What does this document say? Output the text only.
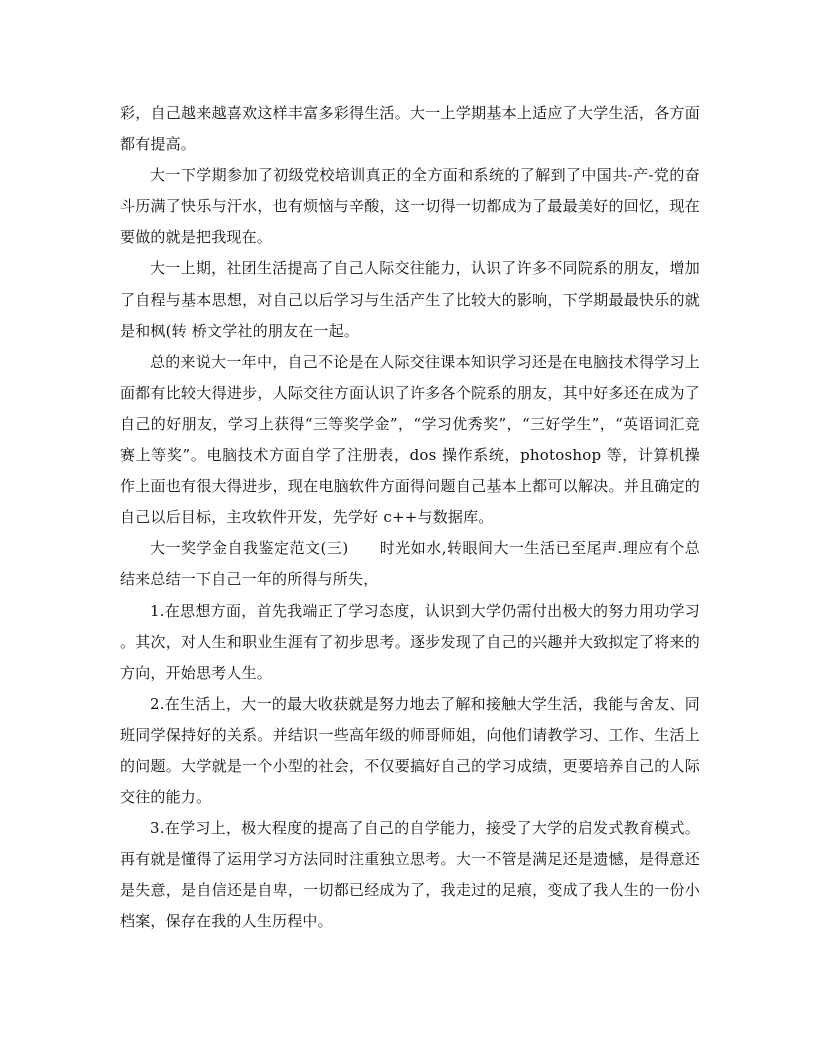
彩，自己越来越喜欢这样丰富多彩得生活。大一上学期基本上适应了大学生活，各方面都有提高。

大一下学期参加了初级党校培训真正的全方面和系统的了解到了中国共-产-党的奋斗历满了快乐与汗水，也有烦恼与辛酸，这一切得一切都成为了最最美好的回忆，现在要做的就是把我现在。

大一上期，社团生活提高了自己人际交往能力，认识了许多不同院系的朋友，增加了自程与基本思想，对自己以后学习与生活产生了比较大的影响，下学期最最快乐的就是和枫(转 桥文学社的朋友在一起。

总的来说大一年中，自己不论是在人际交往课本知识学习还是在电脑技术得学习上面都有比较大得进步，人际交往方面认识了许多各个院系的朋友，其中好多还在成为了自己的好朋友，学习上获得“三等奖学金”，“学习优秀奖”，“三好学生”，“英语词汇竞赛上等奖”。电脑技术方面自学了注册表，dos 操作系统，photoshop 等，计算机操作上面也有很大得进步，现在电脑软件方面得问题自己基本上都可以解决。并且确定的自己以后目标，主攻软件开发，先学好 c++与数据库。

大一奖学金自我鉴定范文(三)　　时光如水,转眼间大一生活已至尾声.理应有个总结来总结一下自己一年的所得与所失，

1.在思想方面，首先我端正了学习态度，认识到大学仍需付出极大的努力用功学习 。其次，对人生和职业生涯有了初步思考。逐步发现了自己的兴趣并大致拟定了将来的方向，开始思考人生。

2.在生活上，大一的最大收获就是努力地去了解和接触大学生活，我能与舍友、同班同学保持好的关系。并结识一些高年级的师哥师姐，向他们请教学习、工作、生活上的问题。大学就是一个小型的社会，不仅要搞好自己的学习成绩，更要培养自己的人际交往的能力。

3.在学习上，极大程度的提高了自己的自学能力，接受了大学的启发式教育模式。再有就是懂得了运用学习方法同时注重独立思考。大一不管是满足还是遗憾，是得意还是失意，是自信还是自卑，一切都已经成为了，我走过的足痕，变成了我人生的一份小档案，保存在我的人生历程中。
